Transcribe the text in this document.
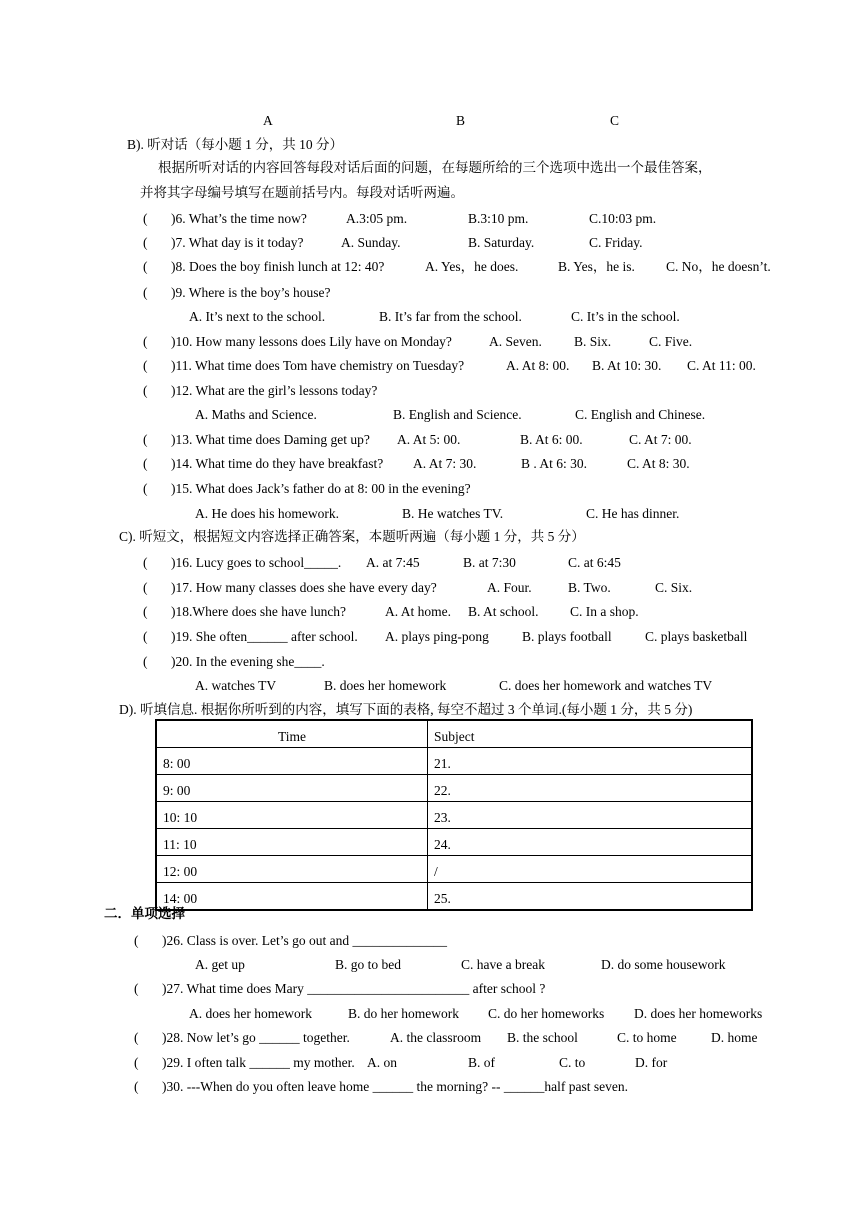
A	B	C
B). 听对话（每小题 1 分，共 10 分）
根据所听对话的内容回答每段对话后面的问题，在每题所给的三个选项中选出一个最佳答案，
并将其字母编号填写在题前括号内。每段对话听两遍。
( )6. What’s the time now?	A.3:05 pm.	B.3:10 pm.	C.10:03 pm.
( )7. What day is it today?	A. Sunday.	B. Saturday.	C. Friday.
( )8. Does the boy finish lunch at 12: 40?	A. Yes，he does.	B. Yes，he is. C. No，he doesn’t.
( )9. Where is the boy’s house?
A. It’s next to the school.	B. It’s far from the school.	C. It’s in the school.
( )10. How many lessons does Lily have on Monday?	A. Seven. B. Six.	C. Five.
( )11. What time does Tom have chemistry on Tuesday?	A. At 8: 00. B. At 10: 30. C. At 11: 00.
( )12. What are the girl’s lessons today?
A. Maths and Science.	B. English and Science.	C. English and Chinese.
( )13. What time does Daming get up? A. At 5: 00.	B. At 6: 00.	C. At 7: 00.
( )14. What time do they have breakfast? A. At 7: 30.	B . At 6: 30.	C. At 8: 30.
( )15. What does Jack’s father do at 8: 00 in the evening?
A. He does his homework.	B. He watches TV.	C. He has dinner.
C). 听短文，根据短文内容选择正确答案，本题听两遍（每小题 1 分，共 5 分）
( )16. Lucy goes to school_____. A. at 7:45	B. at 7:30	C. at 6:45
( )17. How many classes does she have every day?	A. Four.	B. Two.	C. Six.
( )18.Where does she have lunch?	A. At home. B. At school. C. In a shop.
( )19. She often______ after school. A. plays ping-pong B. plays football C. plays basketball
( )20. In the evening she____.
A. watches TV	B. does her homework	C. does her homework and watches TV
D). 听填信息. 根据你所听到的内容，填写下面的表格, 每空不超过 3 个单词.(每小题 1 分，共 5 分)
Time	Subject
8: 00	21.
9: 00	22.
10: 10	23.
11: 10	24.
12: 00	/
14: 00	25.
二．单项选择
( )26. Class is over. Let’s go out and ______________
A. get up	B. go to bed	C. have a break	D. do some housework
( )27. What time does Mary ________________________ after school ?
A. does her homework	B. do her homework C. do her homeworks D. does her homeworks
( )28. Now let’s go ______ together.	A. the classroom B. the school	C. to home	D. home
( )29. I often talk ______ my mother. A. on	B. of	C. to	D. for
( )30. ---When do you often leave home ______ the morning? -- ______half past seven.
